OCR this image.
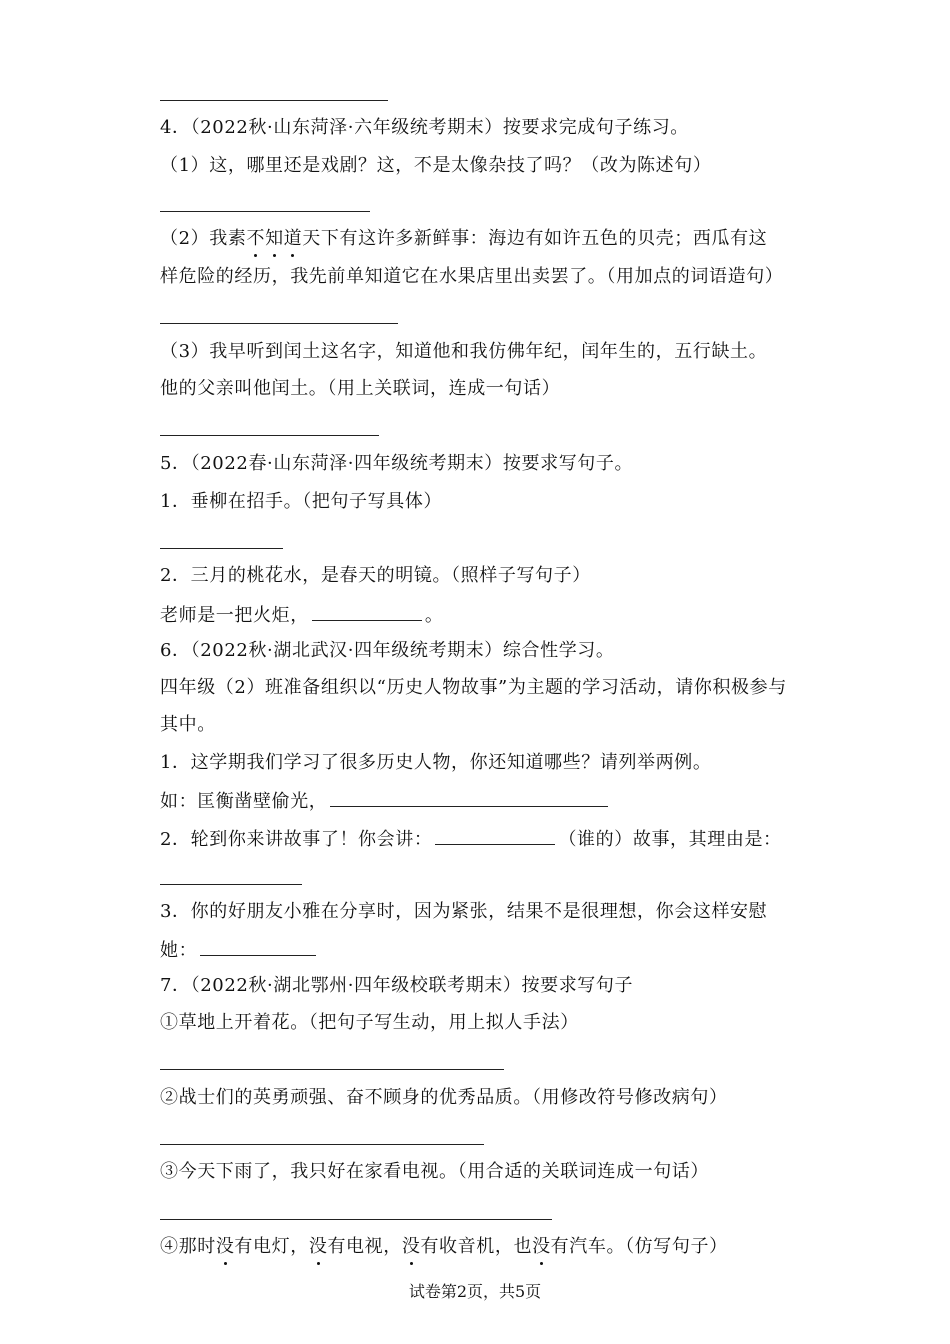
4．（2022秋·山东菏泽·六年级统考期末）按要求完成句子练习。
（1）这，哪里还是戏剧？这，不是太像杂技了吗？（改为陈述句）
（2）我素不知道天下有这许多新鲜事：海边有如许五色的贝壳；西瓜有这
样危险的经历，我先前单知道它在水果店里出卖罢了。（用加点的词语造句）
（3）我早听到闰土这名字，知道他和我仿佛年纪，闰年生的，五行缺土。
他的父亲叫他闰土。（用上关联词，连成一句话）
5．（2022春·山东菏泽·四年级统考期末）按要求写句子。
1．垂柳在招手。（把句子写具体）
2．三月的桃花水，是春天的明镜。（照样子写句子）
老师是一把火炬，	。
6．（2022秋·湖北武汉·四年级统考期末）综合性学习。
四年级（2）班准备组织以“历史人物故事”为主题的学习活动，请你积极参与
其中。
1．这学期我们学习了很多历史人物，你还知道哪些？请列举两例。
如：匡衡凿壁偷光，
2．轮到你来讲故事了！你会讲：	（谁的）故事，其理由是：
3．你的好朋友小雅在分享时，因为紧张，结果不是很理想，你会这样安慰
她：
7．（2022秋·湖北鄂州·四年级校联考期末）按要求写句子
①草地上开着花。（把句子写生动，用上拟人手法）
②战士们的英勇顽强、奋不顾身的优秀品质。（用修改符号修改病句）
③今天下雨了，我只好在家看电视。（用合适的关联词连成一句话）
④那时没有电灯，没有电视，没有收音机，也没有汽车。（仿写句子）
试卷第2页，共5页
